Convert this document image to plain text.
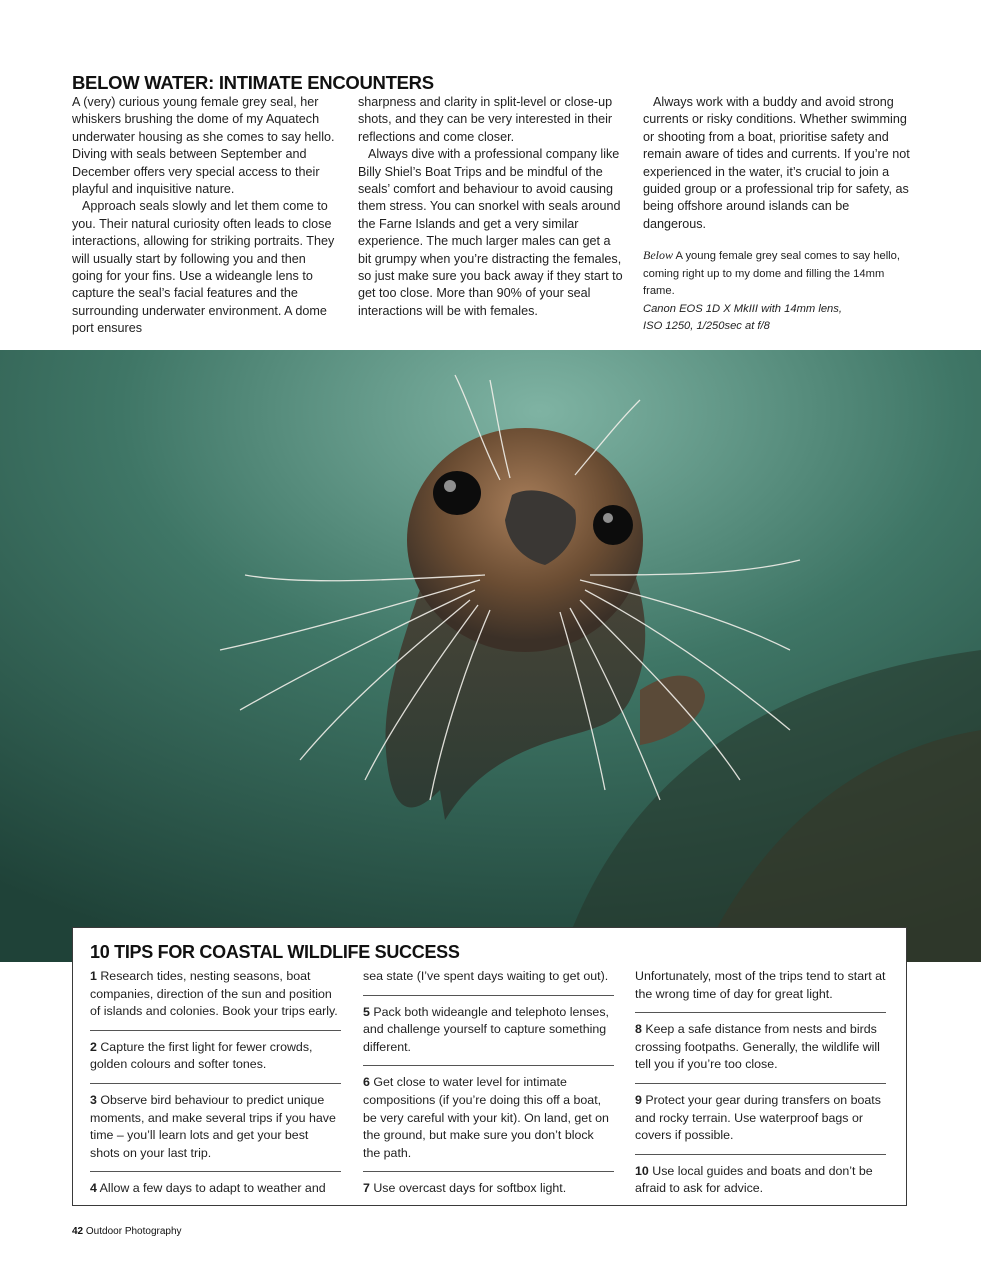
BELOW WATER: INTIMATE ENCOUNTERS

A (very) curious young female grey seal, her whiskers brushing the dome of my Aquatech underwater housing as she comes to say hello. Diving with seals between September and December offers very special access to their playful and inquisitive nature.

Approach seals slowly and let them come to you. Their natural curiosity often leads to close interactions, allowing for striking portraits. They will usually start by following you and then going for your fins. Use a wideangle lens to capture the seal’s facial features and the surrounding underwater environment. A dome port ensures

sharpness and clarity in split-level or close-up shots, and they can be very interested in their reflections and come closer.

Always dive with a professional company like Billy Shiel’s Boat Trips and be mindful of the seals’ comfort and behaviour to avoid causing them stress. You can snorkel with seals around the Farne Islands and get a very similar experience. The much larger males can get a bit grumpy when you’re distracting the females, so just make sure you back away if they start to get too close. More than 90% of your seal interactions will be with females.

Always work with a buddy and avoid strong currents or risky conditions. Whether swimming or shooting from a boat, prioritise safety and remain aware of tides and currents. If you’re not experienced in the water, it’s crucial to join a guided group or a professional trip for safety, as being offshore around islands can be dangerous.

Below A young female grey seal comes to say hello, coming right up to my dome and filling the 14mm frame.
Canon EOS 1D X MkIII with 14mm lens,
ISO 1250, 1/250sec at f/8
10 TIPS FOR COASTAL WILDLIFE SUCCESS
1 Research tides, nesting seasons, boat companies, direction of the sun and position of islands and colonies. Book your trips early.
2 Capture the first light for fewer crowds, golden colours and softer tones.
3 Observe bird behaviour to predict unique moments, and make several trips if you have time – you’ll learn lots and get your best shots on your last trip.
4 Allow a few days to adapt to weather and
sea state (I’ve spent days waiting to get out).
5 Pack both wideangle and telephoto lenses, and challenge yourself to capture something different.
6 Get close to water level for intimate compositions (if you’re doing this off a boat, be very careful with your kit). On land, get on the ground, but make sure you don’t block the path.
7 Use overcast days for softbox light.
Unfortunately, most of the trips tend to start at the wrong time of day for great light.
8 Keep a safe distance from nests and birds crossing footpaths. Generally, the wildlife will tell you if you’re too close.
9 Protect your gear during transfers on boats and rocky terrain. Use waterproof bags or covers if possible.
10 Use local guides and boats and don’t be afraid to ask for advice.
42 Outdoor Photography
